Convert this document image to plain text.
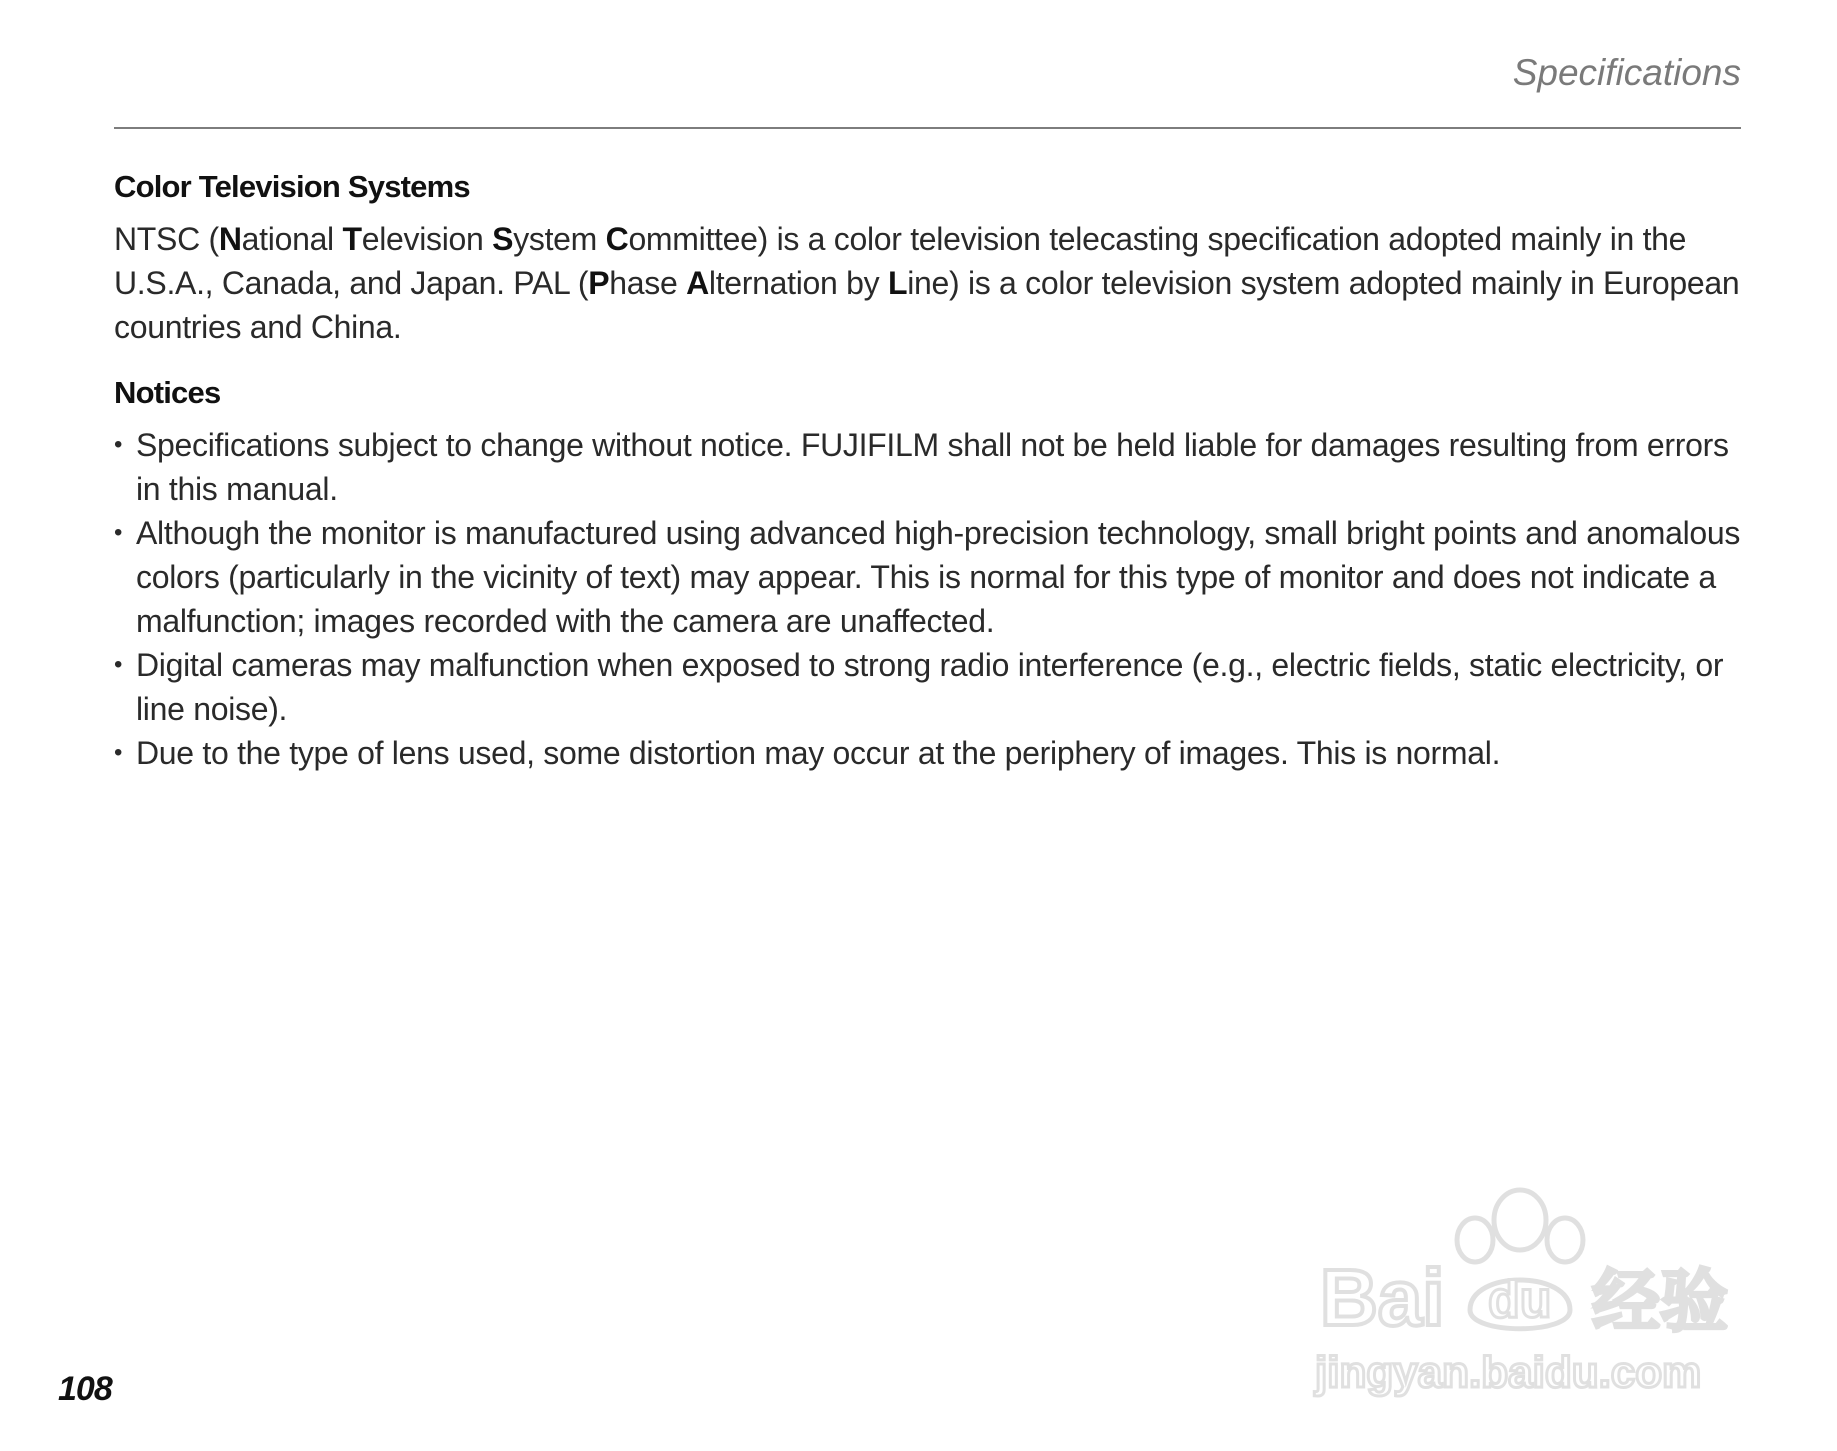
Specifications
Color Television Systems

NTSC (National Television System Committee) is a color television telecasting specification adopted mainly in the U.S.A., Canada, and Japan. PAL (Phase Alternation by Line) is a color television system adopted mainly in European countries and China.

Notices
• Specifications subject to change without notice. FUJIFILM shall not be held liable for damages resulting from errors in this manual.
• Although the monitor is manufactured using advanced high-precision technology, small bright points and anomalous colors (particularly in the vicinity of text) may appear. This is normal for this type of monitor and does not indicate a malfunction; images recorded with the camera are unaffected.
• Digital cameras may malfunction when exposed to strong radio interference (e.g., electric fields, static electricity, or line noise).
• Due to the type of lens used, some distortion may occur at the periphery of images. This is normal.
Bai du 经验
jingyan.baidu.com
108
